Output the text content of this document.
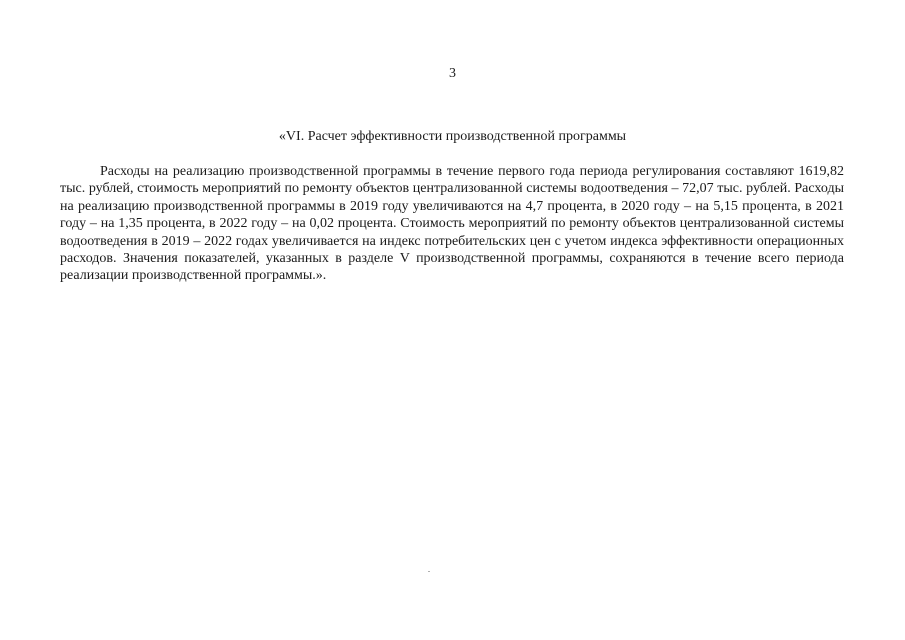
3
«VI. Расчет эффективности производственной программы

Расходы на реализацию производственной программы в течение первого года периода регулирования составляют 1619,82 тыс. рублей, стоимость мероприятий по ремонту объектов централизованной системы водоотведения – 72,07 тыс. рублей. Расходы на реализацию производственной программы в 2019 году увеличиваются на 4,7 процента, в 2020 году – на 5,15 процента, в 2021 году – на 1,35 процента, в 2022 году – на 0,02 процента. Стоимость мероприятий по ремонту объектов централизованной системы водоотведения в 2019 – 2022 годах увеличивается на индекс потребительских цен с учетом индекса эффективности операционных расходов. Значения показателей, указанных в разделе V производственной программы, сохраняются в течение всего периода реализации производственной программы.».
